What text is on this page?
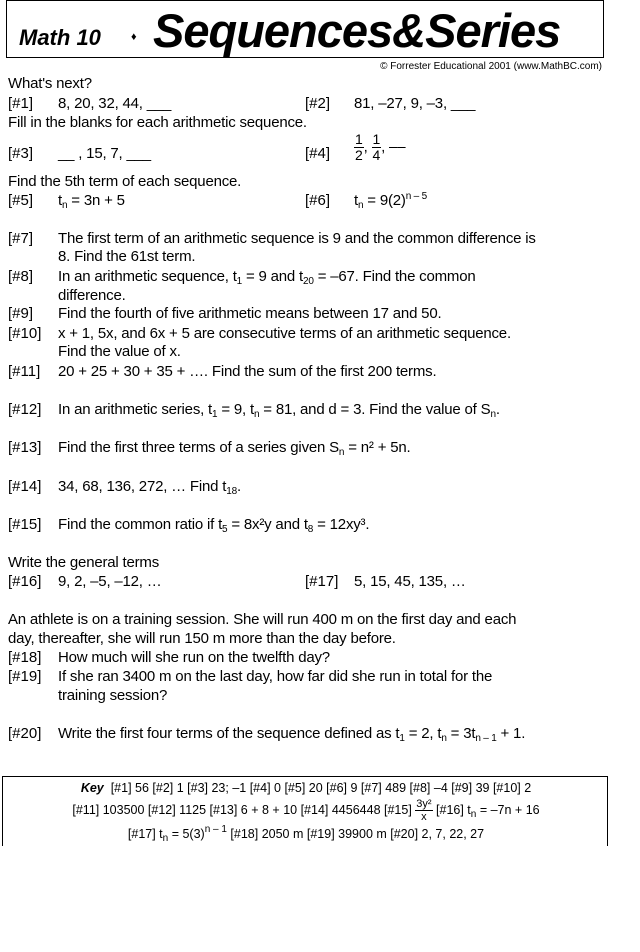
Math 10	♦ Sequences&Series
© Forrester Educational 2001 (www.MathBC.com)
What's next?
[#1] 8, 20, 32, 44, ___	[#2] 81, –27, 9, –3, ___
Fill in the blanks for each arithmetic sequence.
[#3] __ , 15, 7, ___	[#4] $\frac{1}{2}$ , $\frac{1}{4}$ , ––
Find the 5th term of each sequence.
[#5] $t_n = 3n + 5$	[#6] $t_n = 9(2)^{n - 5}$
[#7] The first term of an arithmetic sequence is 9 and the common difference is
8. Find the 61st term.
[#8] In an arithmetic sequence, $t_1 = 9$ and $t_{20} = -67$. Find the common
difference.
[#9] Find the fourth of five arithmetic means between 17 and 50.
[#10] x + 1, 5x, and 6x + 5 are consecutive terms of an arithmetic sequence.
Find the value of x.
[#11] 20 + 25 + 30 + 35 + …. Find the sum of the first 200 terms.
[#12] In an arithmetic series, $t_1 = 9$, $t_n = 81$, and d = 3. Find the value of $S_n$.
[#13] Find the first three terms of a series given $S_n = n^2 + 5n$.
[#14] 34, 68, 136, 272, … Find $t_{18}$.
[#15] Find the common ratio if $t_5 = 8x^2y$ and $t_8 = 12xy^3$.
Write the general terms
[#16] 9, 2, –5, –12, …	[#17] 5, 15, 45, 135, …
An athlete is on a training session. She will run 400 m on the first day and each
day, thereafter, she will run 150 m more than the day before.
[#18] How much will she run on the twelfth day?
[#19] If she ran 3400 m on the last day, how far did she run in total for the
training session?
[#20] Write the first four terms of the sequence defined as $t_1 = 2$, $t_n = 3t_{n - 1} + 1$.
Key [#1] 56 [#2] 1 [#3] 23; –1 [#4] 0 [#5] 20 [#6] 9 [#7] 489 [#8] –4 [#9] 39 [#10] 2
[#11] 103500 [#12] 1125 [#13] 6 + 8 + 10 [#14] 4456448 [#15] $\frac{\text{3y²}}{x}$ [#16] $t_n = -7n + 16$
[#17] $t_n = 5(3)^{n - 1}$ [#18] 2050 m [#19] 39900 m [#20] 2, 7, 22, 27
